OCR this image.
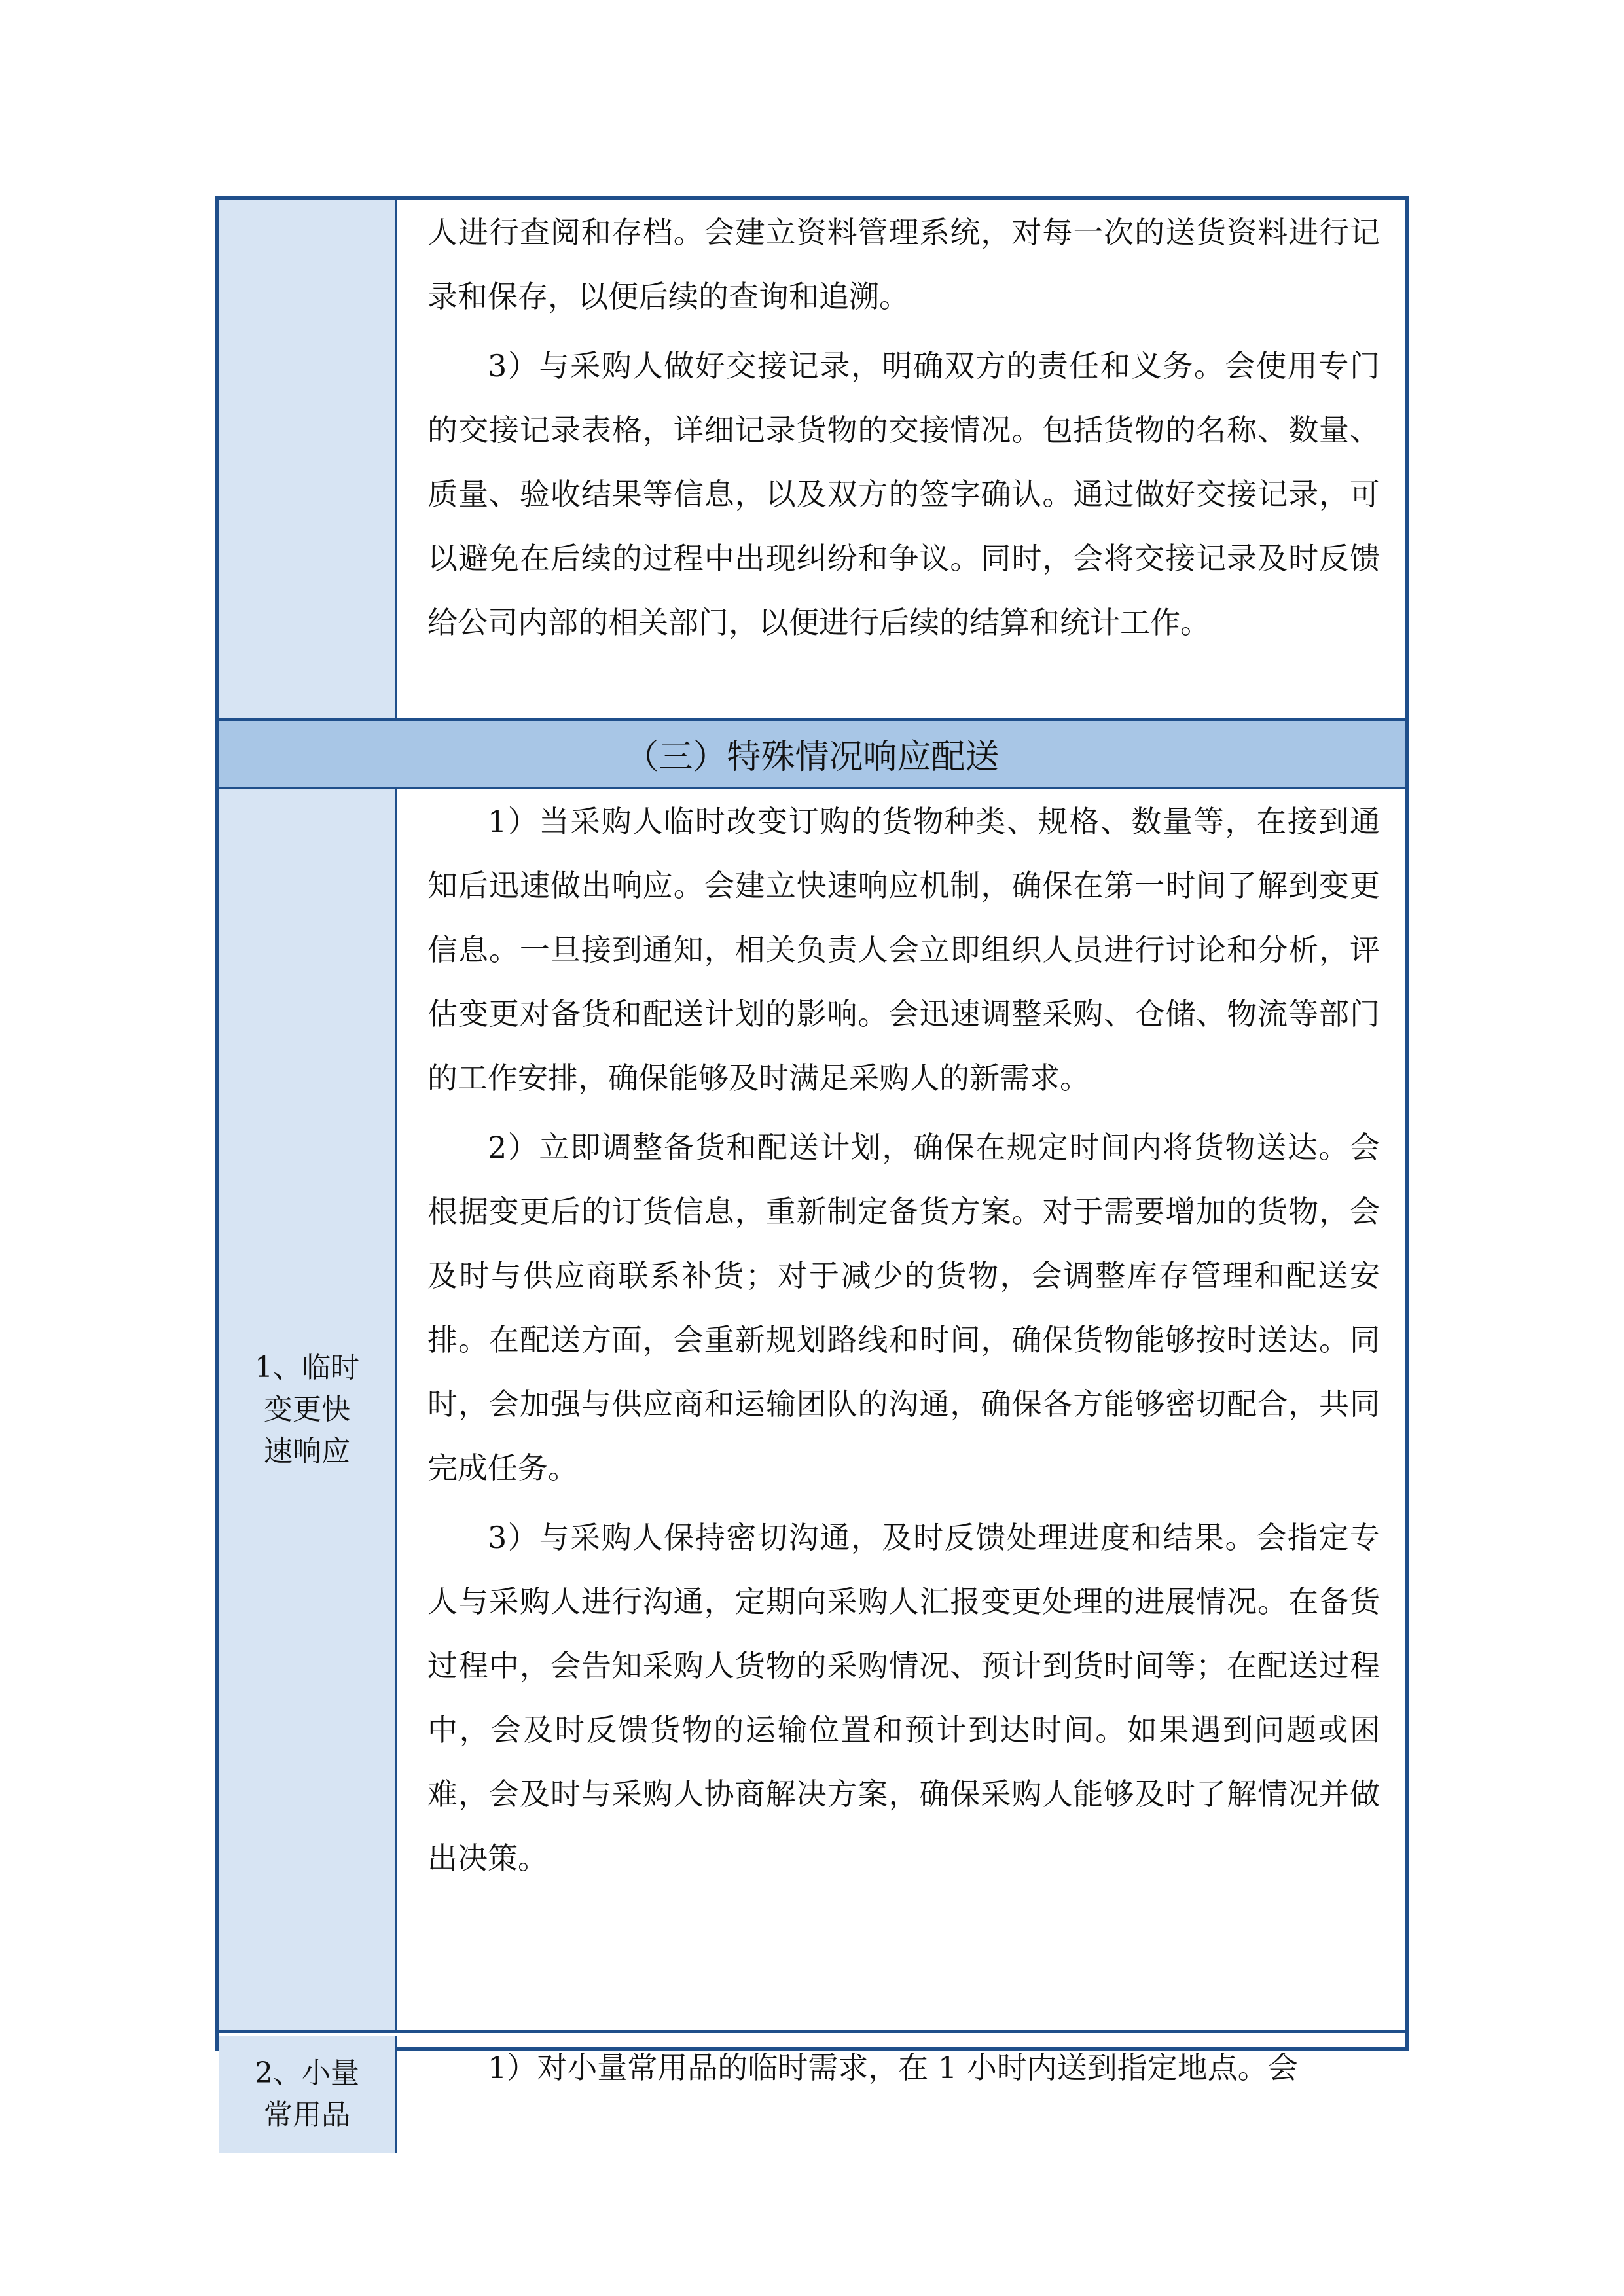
人进行查阅和存档。会建立资料管理系统，对每一次的送货资料进行记录和保存，以便后续的查询和追溯。

3）与采购人做好交接记录，明确双方的责任和义务。会使用专门的交接记录表格，详细记录货物的交接情况。包括货物的名称、数量、质量、验收结果等信息，以及双方的签字确认。通过做好交接记录，可以避免在后续的过程中出现纠纷和争议。同时，会将交接记录及时反馈给公司内部的相关部门，以便进行后续的结算和统计工作。

（三）特殊情况响应配送
1、临时
变更快
速响应

1）当采购人临时改变订购的货物种类、规格、数量等，在接到通知后迅速做出响应。会建立快速响应机制，确保在第一时间了解到变更信息。一旦接到通知，相关负责人会立即组织人员进行讨论和分析，评估变更对备货和配送计划的影响。会迅速调整采购、仓储、物流等部门的工作安排，确保能够及时满足采购人的新需求。

2）立即调整备货和配送计划，确保在规定时间内将货物送达。会根据变更后的订货信息，重新制定备货方案。对于需要增加的货物，会及时与供应商联系补货；对于减少的货物，会调整库存管理和配送安排。在配送方面，会重新规划路线和时间，确保货物能够按时送达。同时，会加强与供应商和运输团队的沟通，确保各方能够密切配合，共同完成任务。

3）与采购人保持密切沟通，及时反馈处理进度和结果。会指定专人与采购人进行沟通，定期向采购人汇报变更处理的进展情况。在备货过程中，会告知采购人货物的采购情况、预计到货时间等；在配送过程中，会及时反馈货物的运输位置和预计到达时间。如果遇到问题或困难，会及时与采购人协商解决方案，确保采购人能够及时了解情况并做出决策。

2、小量
常用品

1）对小量常用品的临时需求，在 1 小时内送到指定地点。会
